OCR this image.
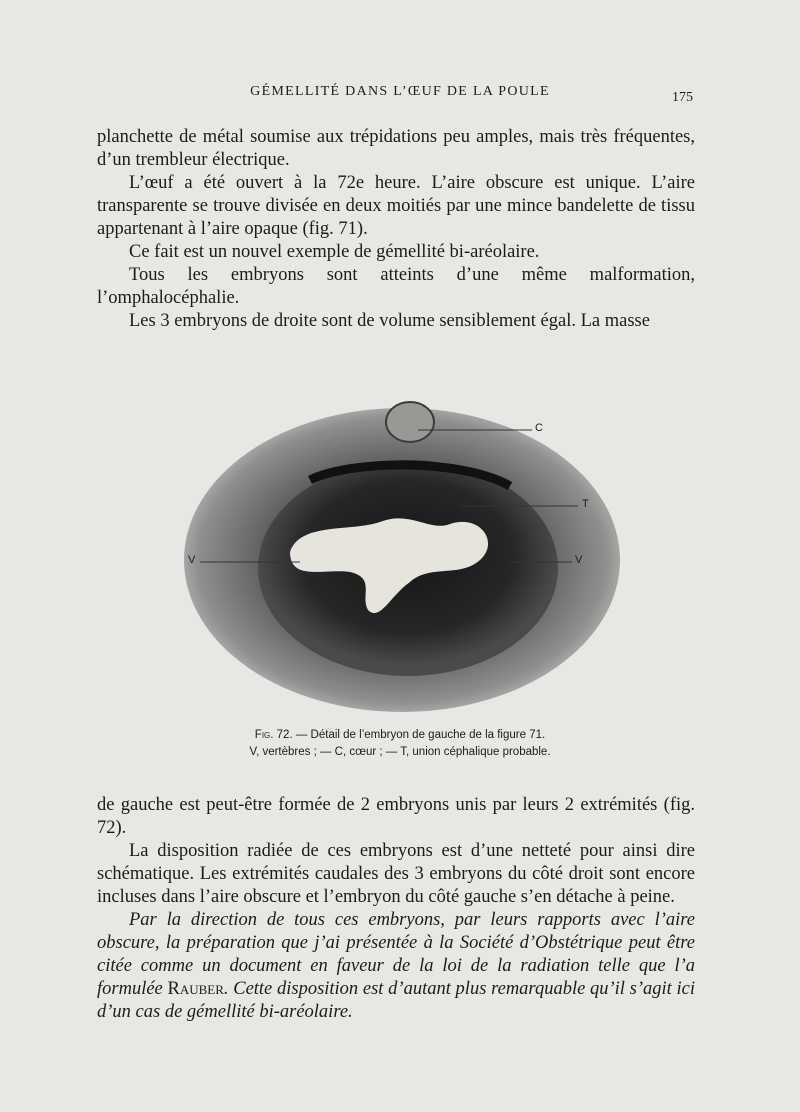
GÉMELLITÉ DANS L’ŒUF DE LA POULE	175

planchette de métal soumise aux trépidations peu amples, mais très fréquentes, d’un trembleur électrique.

L’œuf a été ouvert à la 72e heure. L’aire obscure est unique. L’aire transparente se trouve divisée en deux moitiés par une mince bandelette de tissu appartenant à l’aire opaque (fig. 71).

Ce fait est un nouvel exemple de gémellité bi-aréolaire.

Tous les embryons sont atteints d’une même malformation, l’omphalocéphalie.

Les 3 embryons de droite sont de volume sensiblement égal. La masse

C
T
V	V
Fig. 72. — Détail de l’embryon de gauche de la figure 71.
V, vertèbres ; — C, cœur ; — T, union céphalique probable.

de gauche est peut-être formée de 2 embryons unis par leurs 2 extrémités (fig. 72).

La disposition radiée de ces embryons est d’une netteté pour ainsi dire schématique. Les extrémités caudales des 3 embryons du côté droit sont encore incluses dans l’aire obscure et l’embryon du côté gauche s’en détache à peine.

Par la direction de tous ces embryons, par leurs rapports avec l’aire obscure, la préparation que j’ai présentée à la Société d’Obstétrique peut être citée comme un document en faveur de la loi de la radiation telle que l’a formulée Rauber. Cette disposition est d’autant plus remarquable qu’il s’agit ici d’un cas de gémellité bi-aréolaire.
